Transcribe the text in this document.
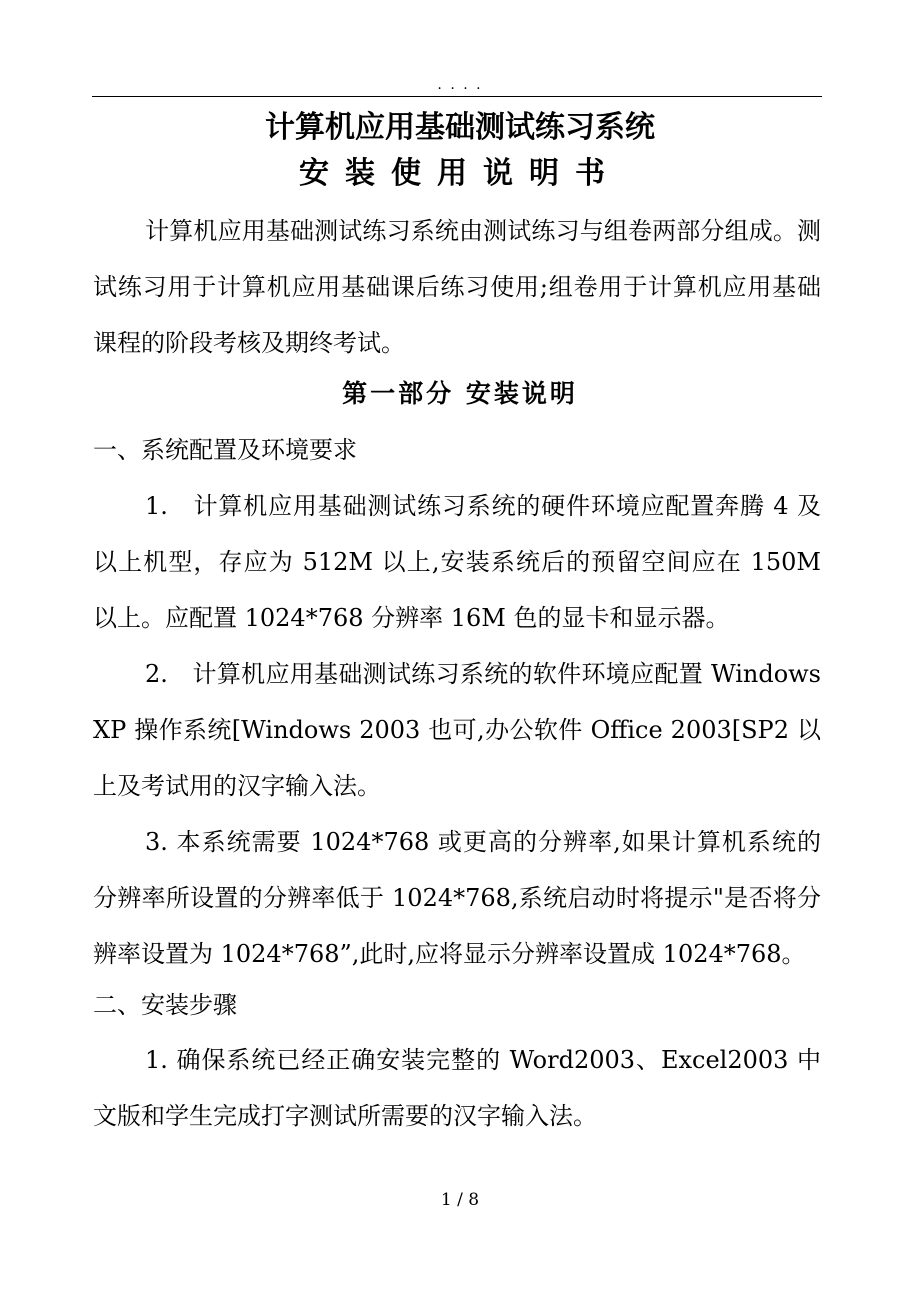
. . . .
计算机应用基础测试练习系统
安装使用说明书
计算机应用基础测试练习系统由测试练习与组卷两部分组成。测试练习用于计算机应用基础课后练习使用;组卷用于计算机应用基础课程的阶段考核及期终考试。
第一部分 安装说明
一、系统配置及环境要求
1.　计算机应用基础测试练习系统的硬件环境应配置奔腾 4 及以上机型，存应为 512M 以上,安装系统后的预留空间应在 150M 以上。应配置 1024*768 分辨率 16M 色的显卡和显示器。
2.　计算机应用基础测试练习系统的软件环境应配置 Windows XP 操作系统[Windows 2003 也可,办公软件 Office 2003[SP2 以上及考试用的汉字输入法。
3. 本系统需要 1024*768 或更高的分辨率,如果计算机系统的分辨率所设置的分辨率低于 1024*768,系统启动时将提示"是否将分辨率设置为 1024*768”,此时,应将显示分辨率设置成 1024*768。
二、安装步骤
1. 确保系统已经正确安装完整的 Word2003、Excel2003 中文版和学生完成打字测试所需要的汉字输入法。
1 / 8
